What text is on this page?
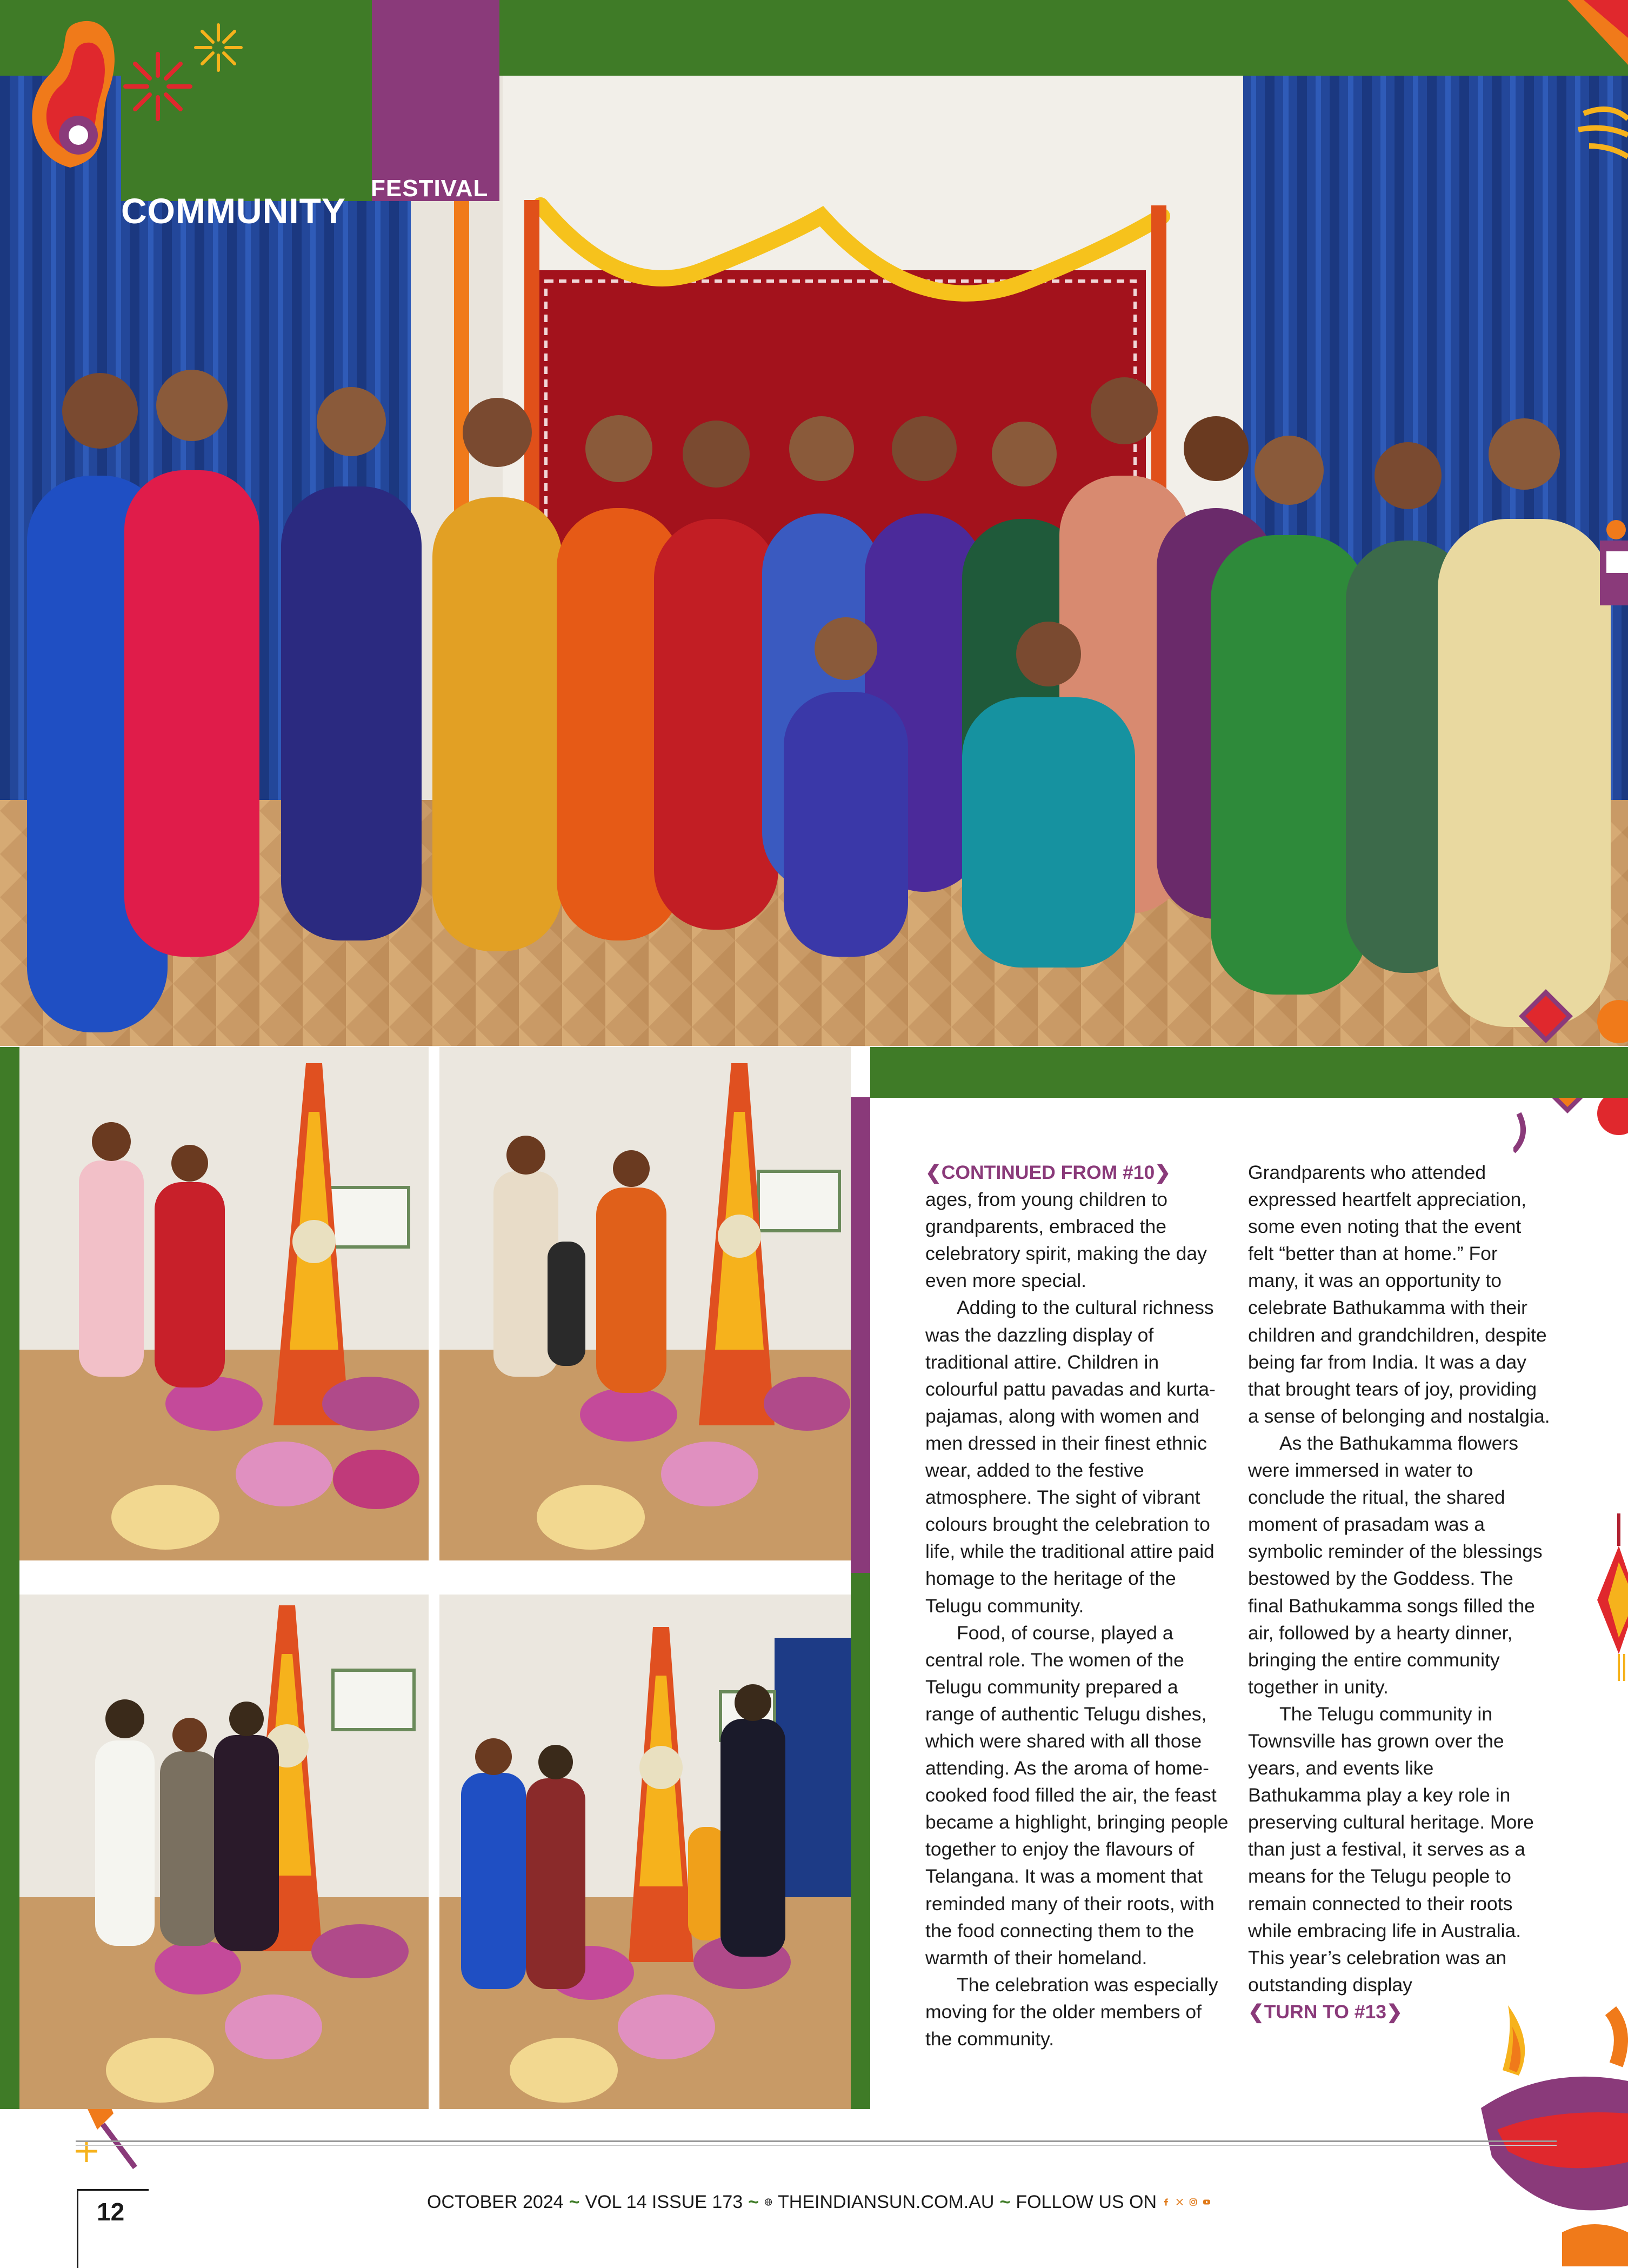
COMMUNITY
FESTIVAL

❮CONTINUED FROM #10❯

ages, from young children to grandparents, embraced the celebratory spirit, making the day even more special.

Adding to the cultural richness was the dazzling display of traditional attire. Children in colourful pattu pavadas and kurta-pajamas, along with women and men dressed in their finest ethnic wear, added to the festive atmosphere. The sight of vibrant colours brought the celebration to life, while the traditional attire paid homage to the heritage of the Telugu community.

Food, of course, played a central role. The women of the Telugu community prepared a range of authentic Telugu dishes, which were shared with all those attending. As the aroma of home-cooked food filled the air, the feast became a highlight, bringing people together to enjoy the flavours of Telangana. It was a moment that reminded many of their roots, with the food connecting them to the warmth of their homeland.

The celebration was especially moving for the older members of the community.

Grandparents who attended expressed heartfelt appreciation, some even noting that the event felt “better than at home.” For many, it was an opportunity to celebrate Bathukamma with their children and grandchildren, despite being far from India. It was a day that brought tears of joy, providing a sense of belonging and nostalgia.

As the Bathukamma flowers were immersed in water to conclude the ritual, the shared moment of prasadam was a symbolic reminder of the blessings bestowed by the Goddess. The final Bathukamma songs filled the air, followed by a hearty dinner, bringing the entire community together in unity.

The Telugu community in Townsville has grown over the years, and events like Bathukamma play a key role in preserving cultural heritage. More than just a festival, it serves as a means for the Telugu people to remain connected to their roots while embracing life in Australia. This year’s celebration was an outstanding display

❮TURN TO #13❯

12	OCTOBER 2024 ~ VOL 14 ISSUE 173 ~ THEINDIANSUN.COM.AU ~ FOLLOW US ON
